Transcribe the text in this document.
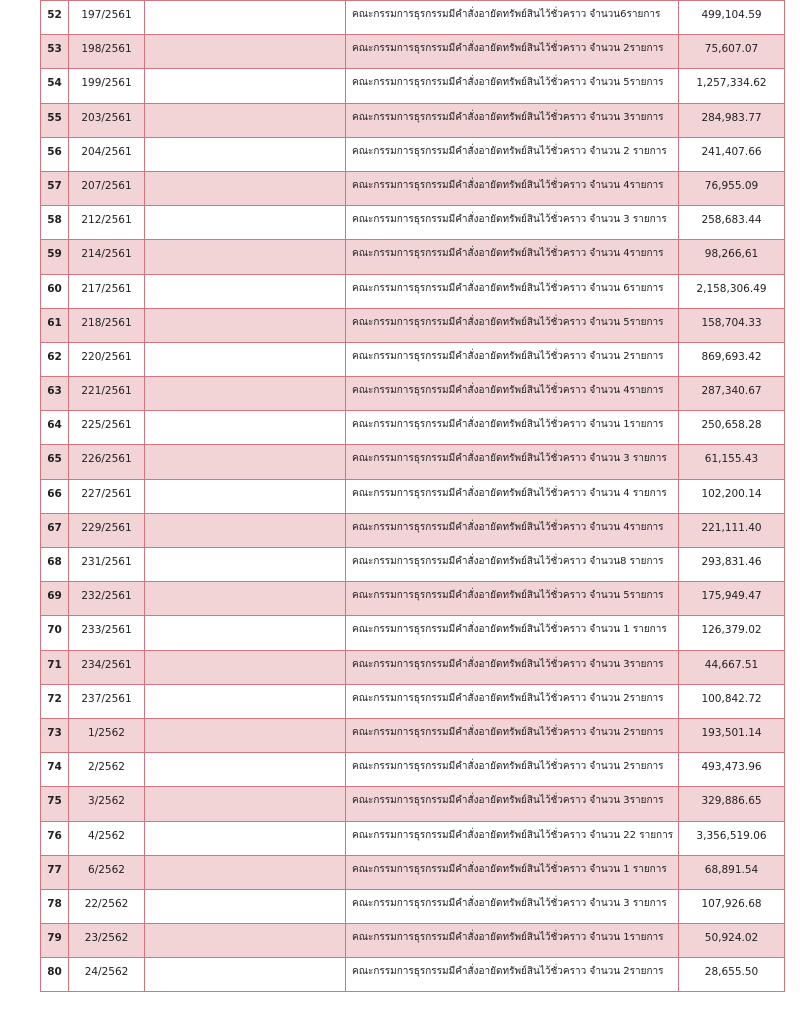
52	197/2561		คณะกรรมการธุรกรรมมีคำสั่งอายัดทรัพย์สินไว้ชั่วคราว จำนวน6รายการ	499,104.59

53	198/2561		คณะกรรมการธุรกรรมมีคำสั่งอายัดทรัพย์สินไว้ชั่วคราว จำนวน 2รายการ	75,607.07

54	199/2561		คณะกรรมการธุรกรรมมีคำสั่งอายัดทรัพย์สินไว้ชั่วคราว จำนวน 5รายการ	1,257,334.62

55	203/2561		คณะกรรมการธุรกรรมมีคำสั่งอายัดทรัพย์สินไว้ชั่วคราว จำนวน 3รายการ	284,983.77

56	204/2561		คณะกรรมการธุรกรรมมีคำสั่งอายัดทรัพย์สินไว้ชั่วคราว จำนวน 2 รายการ	241,407.66

57	207/2561		คณะกรรมการธุรกรรมมีคำสั่งอายัดทรัพย์สินไว้ชั่วคราว จำนวน 4รายการ	76,955.09

58	212/2561		คณะกรรมการธุรกรรมมีคำสั่งอายัดทรัพย์สินไว้ชั่วคราว จำนวน 3 รายการ	258,683.44

59	214/2561		คณะกรรมการธุรกรรมมีคำสั่งอายัดทรัพย์สินไว้ชั่วคราว จำนวน 4รายการ	98,266,61

60	217/2561		คณะกรรมการธุรกรรมมีคำสั่งอายัดทรัพย์สินไว้ชั่วคราว จำนวน 6รายการ	2,158,306.49

61	218/2561		คณะกรรมการธุรกรรมมีคำสั่งอายัดทรัพย์สินไว้ชั่วคราว จำนวน 5รายการ	158,704.33

62	220/2561		คณะกรรมการธุรกรรมมีคำสั่งอายัดทรัพย์สินไว้ชั่วคราว จำนวน 2รายการ	869,693.42

63	221/2561		คณะกรรมการธุรกรรมมีคำสั่งอายัดทรัพย์สินไว้ชั่วคราว จำนวน 4รายการ	287,340.67

64	225/2561		คณะกรรมการธุรกรรมมีคำสั่งอายัดทรัพย์สินไว้ชั่วคราว จำนวน 1รายการ	250,658.28

65	226/2561		คณะกรรมการธุรกรรมมีคำสั่งอายัดทรัพย์สินไว้ชั่วคราว จำนวน 3 รายการ	61,155.43

66	227/2561		คณะกรรมการธุรกรรมมีคำสั่งอายัดทรัพย์สินไว้ชั่วคราว จำนวน 4 รายการ	102,200.14

67	229/2561		คณะกรรมการธุรกรรมมีคำสั่งอายัดทรัพย์สินไว้ชั่วคราว จำนวน 4รายการ	221,111.40

68	231/2561		คณะกรรมการธุรกรรมมีคำสั่งอายัดทรัพย์สินไว้ชั่วคราว จำนวน8 รายการ	293,831.46

69	232/2561		คณะกรรมการธุรกรรมมีคำสั่งอายัดทรัพย์สินไว้ชั่วคราว จำนวน 5รายการ	175,949.47

70	233/2561		คณะกรรมการธุรกรรมมีคำสั่งอายัดทรัพย์สินไว้ชั่วคราว จำนวน 1 รายการ	126,379.02

71	234/2561		คณะกรรมการธุรกรรมมีคำสั่งอายัดทรัพย์สินไว้ชั่วคราว จำนวน 3รายการ	44,667.51

72	237/2561		คณะกรรมการธุรกรรมมีคำสั่งอายัดทรัพย์สินไว้ชั่วคราว จำนวน 2รายการ	100,842.72

73	1/2562		คณะกรรมการธุรกรรมมีคำสั่งอายัดทรัพย์สินไว้ชั่วคราว จำนวน 2รายการ	193,501.14

74	2/2562		คณะกรรมการธุรกรรมมีคำสั่งอายัดทรัพย์สินไว้ชั่วคราว จำนวน 2รายการ	493,473.96

75	3/2562		คณะกรรมการธุรกรรมมีคำสั่งอายัดทรัพย์สินไว้ชั่วคราว จำนวน 3รายการ	329,886.65

76	4/2562		คณะกรรมการธุรกรรมมีคำสั่งอายัดทรัพย์สินไว้ชั่วคราว จำนวน 22 รายการ	3,356,519.06

77	6/2562		คณะกรรมการธุรกรรมมีคำสั่งอายัดทรัพย์สินไว้ชั่วคราว จำนวน 1 รายการ	68,891.54

78	22/2562		คณะกรรมการธุรกรรมมีคำสั่งอายัดทรัพย์สินไว้ชั่วคราว จำนวน 3 รายการ	107,926.68

79	23/2562		คณะกรรมการธุรกรรมมีคำสั่งอายัดทรัพย์สินไว้ชั่วคราว จำนวน 1รายการ	50,924.02

80	24/2562		คณะกรรมการธุรกรรมมีคำสั่งอายัดทรัพย์สินไว้ชั่วคราว จำนวน 2รายการ	28,655.50
